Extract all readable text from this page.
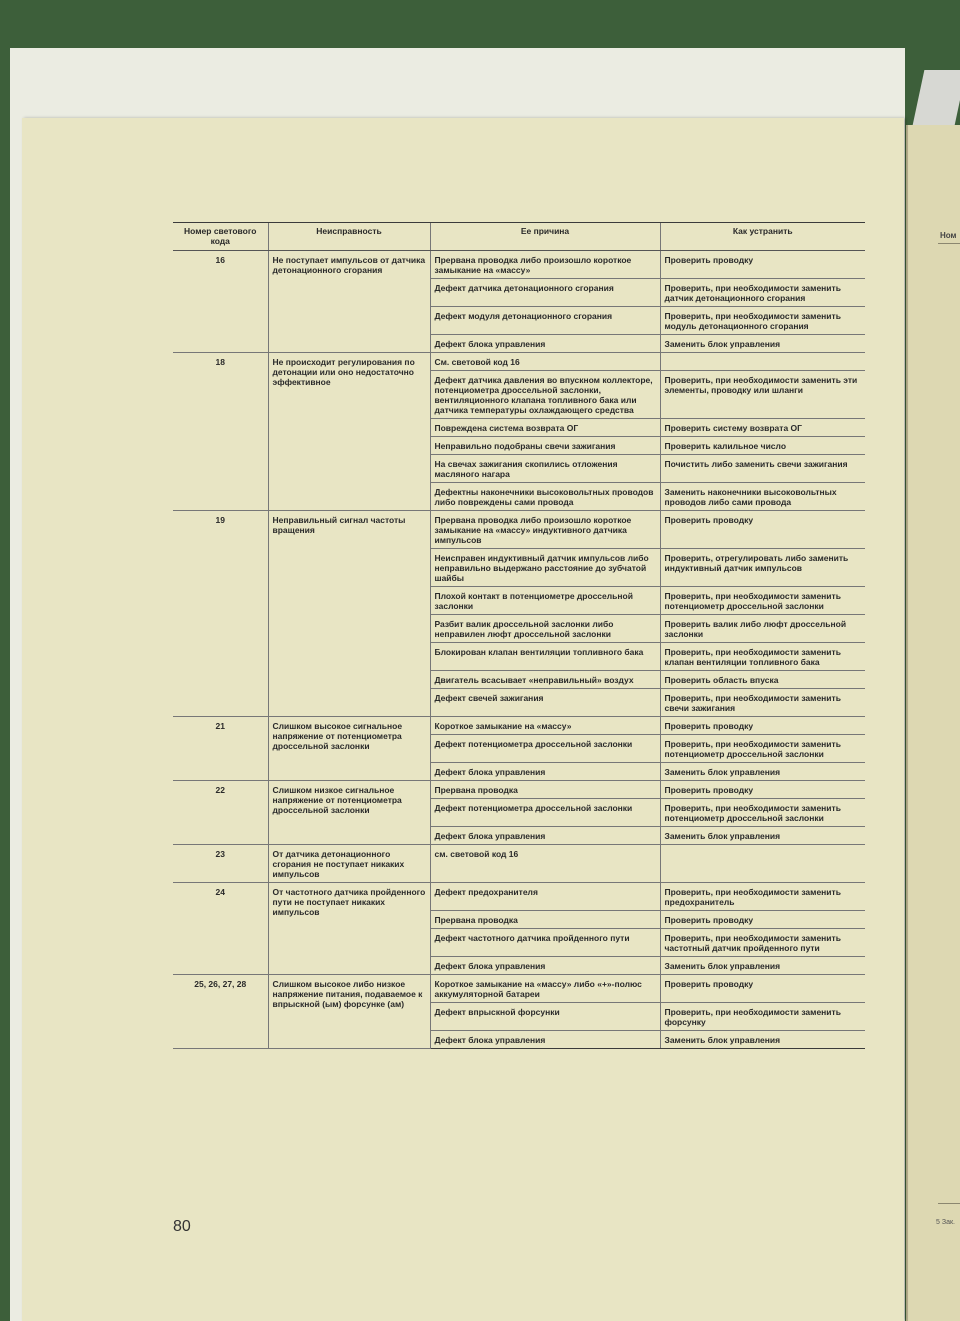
Ном
5 Зак.
Номер светового кода	Неисправность	Ее причина	Как устранить
16	Не поступает импульсов от датчика детонационного сгорания	Прервана проводка либо произошло короткое замыкание на «массу»	Проверить проводку
		Дефект датчика детонационного сгорания	Проверить, при необходимости заменить датчик детонационного сгорания
		Дефект модуля детонационного сгорания	Проверить, при необходимости заменить модуль детонационного сгорания
		Дефект блока управления	Заменить блок управления
18	Не происходит регулирования по детонации или оно недостаточно эффективное	См. световой код 16	
		Дефект датчика давления во впускном коллекторе, потенциометра дроссельной заслонки, вентиляционного клапана топливного бака или датчика температуры охлаждающего средства	Проверить, при необходимости заменить эти элементы, проводку или шланги
		Повреждена система возврата ОГ	Проверить систему возврата ОГ
		Неправильно подобраны свечи зажигания	Проверить калильное число
		На свечах зажигания скопились отложения масляного нагара	Почистить либо заменить свечи зажигания
		Дефектны наконечники высоковольтных проводов либо повреждены сами провода	Заменить наконечники высоковольтных проводов либо сами провода
19	Неправильный сигнал частоты вращения	Прервана проводка либо произошло короткое замыкание на «массу» индуктивного датчика импульсов	Проверить проводку
		Неисправен индуктивный датчик импульсов либо неправильно выдержано расстояние до зубчатой шайбы	Проверить, отрегулировать либо заменить индуктивный датчик импульсов
		Плохой контакт в потенциометре дроссельной заслонки	Проверить, при необходимости заменить потенциометр дроссельной заслонки
		Разбит валик дроссельной заслонки либо неправилен люфт дроссельной заслонки	Проверить валик либо люфт дроссельной заслонки
		Блокирован клапан вентиляции топливного бака	Проверить, при необходимости заменить клапан вентиляции топливного бака
		Двигатель всасывает «неправильный» воздух	Проверить область впуска
		Дефект свечей зажигания	Проверить, при необходимости заменить свечи зажигания
21	Слишком высокое сигнальное напряжение от потенциометра дроссельной заслонки	Короткое замыкание на «массу»	Проверить проводку
		Дефект потенциометра дроссельной заслонки	Проверить, при необходимости заменить потенциометр дроссельной заслонки
		Дефект блока управления	Заменить блок управления
22	Слишком низкое сигнальное напряжение от потенциометра дроссельной заслонки	Прервана проводка	Проверить проводку
		Дефект потенциометра дроссельной заслонки	Проверить, при необходимости заменить потенциометр дроссельной заслонки
		Дефект блока управления	Заменить блок управления
23	От датчика детонационного сгорания не поступает никаких импульсов	см. световой код 16	
24	От частотного датчика пройденного пути не поступает никаких импульсов	Дефект предохранителя	Проверить, при необходимости заменить предохранитель
		Прервана проводка	Проверить проводку
		Дефект частотного датчика пройденного пути	Проверить, при необходимости заменить частотный датчик пройденного пути
		Дефект блока управления	Заменить блок управления
25, 26, 27, 28	Слишком высокое либо низкое напряжение питания, подаваемое к впрыскной (ым) форсунке (ам)	Короткое замыкание на «массу» либо «+»-полюс аккумуляторной батареи	Проверить проводку
		Дефект впрыскной форсунки	Проверить, при необходимости заменить форсунку
		Дефект блока управления	Заменить блок управления
80
